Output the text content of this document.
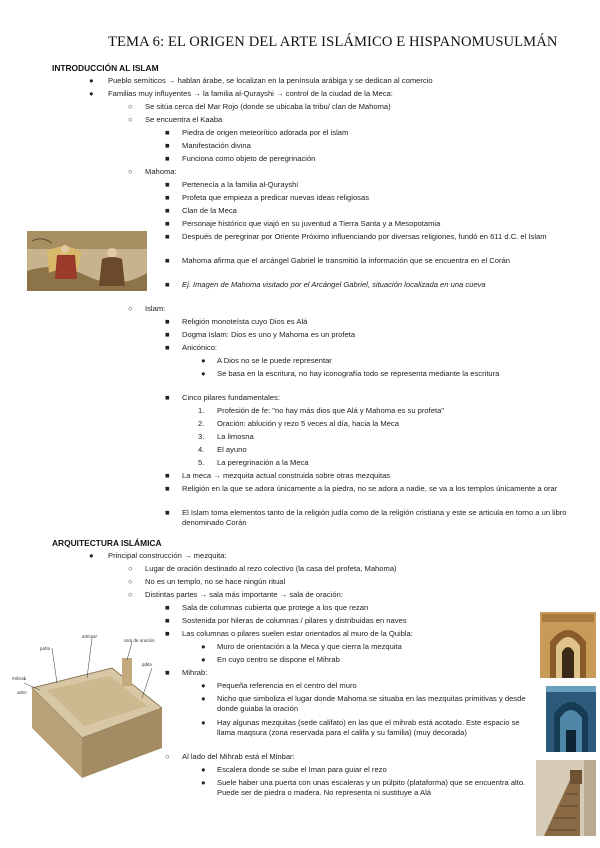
TEMA 6: EL ORIGEN DEL ARTE ISLÁMICO E HISPANOMUSULMÁN
INTRODUCCIÓN AL ISLAM
● Pueblo semíticos → hablan árabe, se localizan en la península arábiga y se dedican al comercio
● Familias muy influyentes → la familia al-Qurayshi → control de la ciudad de la Meca:
○ Se sitúa cerca del Mar Rojo (donde se ubicaba la tribu/ clan de Mahoma)
○ Se encuentra el Kaaba
■ Piedra de origen meteorítico adorada por el islam
■ Manifestación divina
■ Funciona como objeto de peregrinación
○ Mahoma:
■ Pertenecía a la familia al-Qurayshi
■ Profeta que empieza a predicar nuevas ideas religiosas
■ Clan de la Meca
■ Personaje histórico que viajó en su juventud a Tierra Santa y a Mesopotamia
■ Después de peregrinar por Oriente Próximo influenciando por diversas religiones, fundó en 611 d.C. el Islam
■ Mahoma afirma que el arcángel Gabriel le transmitió la información que se encuentra en el Corán
■ Ej. Imagen de Mahoma visitado por el Arcángel Gabriel, situación localizada en una cueva
○ Islam:
■ Religión monoteísta cuyo Dios es Alá
■ Dogma Islam: Dios es uno y Mahoma es un profeta
■ Anicónico:
● A Dios no se le puede representar
● Se basa en la escritura, no hay iconografía todo se representa mediante la escritura
■ Cinco pilares fundamentales:
1. Profesión de fe: "no hay más dios que Alá y Mahoma es su profeta"
2. Oración: ablución y rezo 5 veces al día, hacia la Meca
3. La limosna
4. El ayuno
5. La peregrinación a la Meca
■ La meca → mezquita actual construida sobre otras mezquitas
■ Religión en la que se adora únicamente a la piedra, no se adora a nadie, se va a los templos únicamente a orar
■ El Islam toma elementos tanto de la religión judía como de la religión cristiana y este se articula en torno a un libro denominado Corán
ARQUITECTURA ISLÁMICA
● Principal construcción → mezquita:
○ Lugar de oración destinado al rezo colectivo (la casa del profeta, Mahoma)
○ No es un templo, no se hace ningún ritual
○ Distintas partes → sala más importante → sala de oración:
■ Sala de columnas cubierta que protege a los que rezan
■ Sostenida por hileras de columnas / pilares y distribuidas en naves
■ Las columnas o pilares suelen estar orientados al muro de la Quibla:
● Muro de orientación a la Meca y que cierra la mezquita
● En cuyo centro se dispone el Mihrab
■ Mihrab:
● Pequeña referencia en el centro del muro
● Nicho que simboliza el lugar donde Mahoma se situaba en las mezquitas primitivas y desde donde guiaba la oración
● Hay algunas mezquitas (sede califato) en las que el mihrab está acotado. Este espacio se llama maqsura (zona reservada para el califa y su familia) (muy decorada)
○ Al lado del Mihrab está el Minbar:
● Escalera donde se sube el Iman para guiar el rezo
● Suele haber una puerta con unas escaleras y un púlpito (plataforma) que se encuentra alto. Puede ser de piedra o madera. No representa ni sustituye a Alá
patio
alminar
sala de oración
mihrab
qibla
sahn
